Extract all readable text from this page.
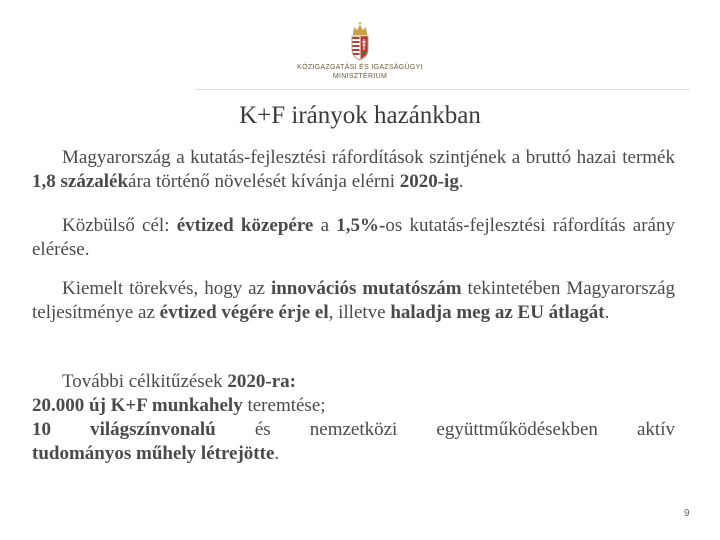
KÖZIGAZGATÁSI ÉS IGAZSÁGÜGYI
MINISZTÉRIUM
K+F irányok hazánkban
Magyarország a kutatás-fejlesztési ráfordítások szintjének a bruttó hazai termék 1,8 százalékára történő növelését kívánja elérni 2020-ig.
Közbülső cél: évtized közepére a 1,5%-os kutatás-fejlesztési ráfordítás arány elérése.
Kiemelt törekvés, hogy az innovációs mutatószám tekintetében Magyarország teljesítménye az évtized végére érje el, illetve haladja meg az EU átlagát.
További célkitűzések 2020-ra:
20.000 új K+F munkahely teremtése;
10 világszínvonalú és nemzetközi együttműködésekben aktív
tudományos műhely létrejötte.
9
